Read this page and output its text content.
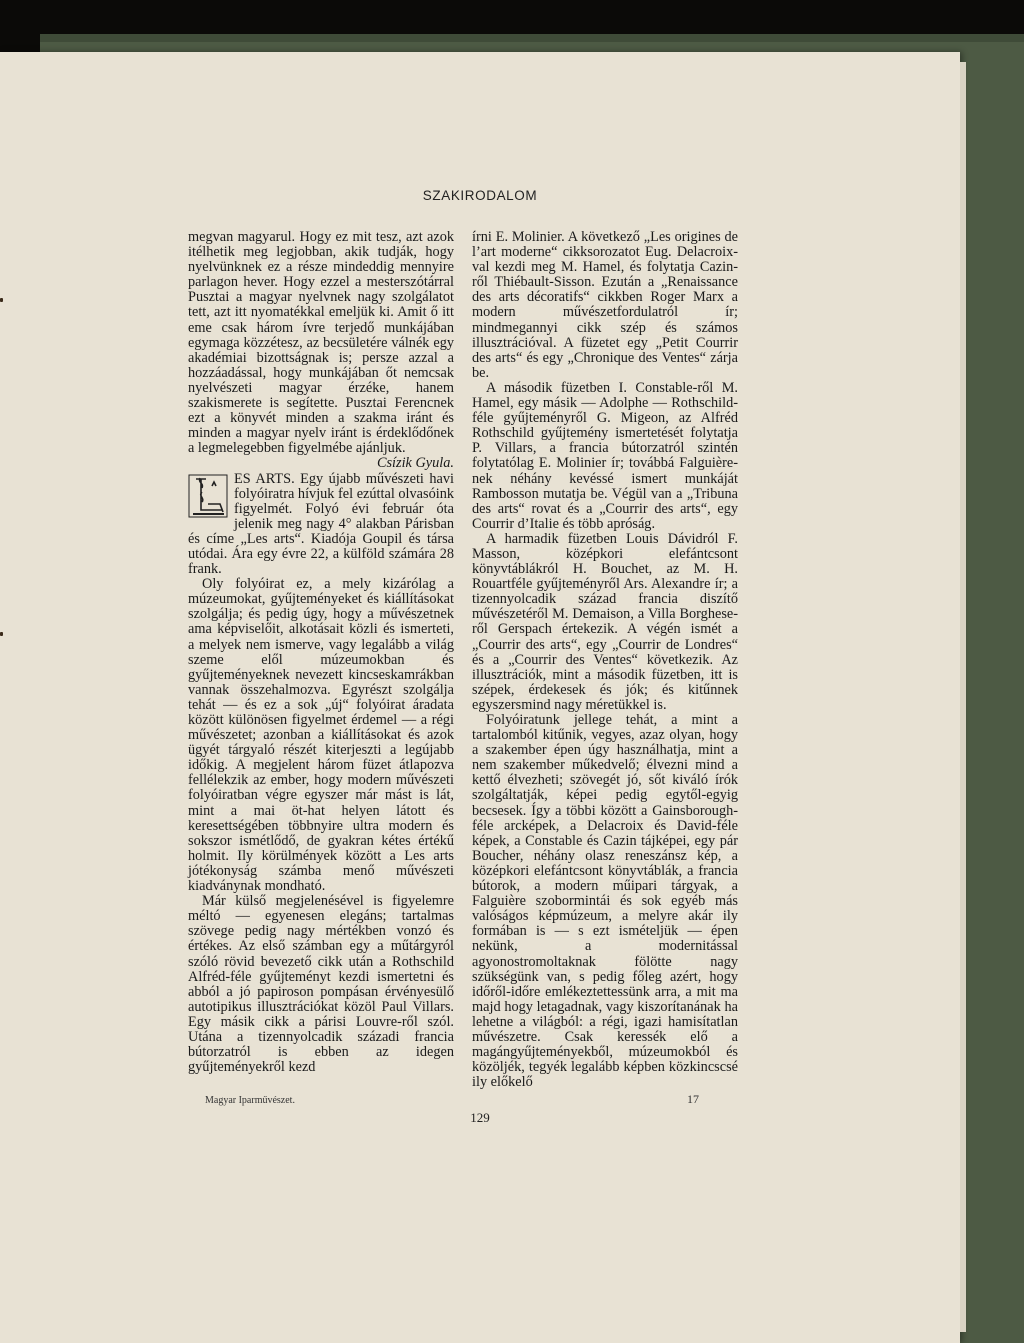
SZAKIRODALOM

megvan magyarul. Hogy ez mit tesz, azt azok itélhetik meg legjobban, akik tudják, hogy nyelvünknek ez a része mindeddig mennyire parlagon hever. Hogy ezzel a mesterszótárral Pusztai a magyar nyelvnek nagy szolgálatot tett, azt itt nyomatékkal emeljük ki. Amit ő itt eme csak három ívre terjedő munkájában egymaga közzétesz, az becsületére válnék egy akadémiai bizottságnak is; persze azzal a hozzáadással, hogy munkájában őt nemcsak nyelvészeti magyar érzéke, hanem szakismerete is segítette. Pusztai Ferencnek ezt a könyvét minden a szakma iránt és minden a magyar nyelv iránt is érdeklődőnek a legmelegebben figyelmébe ajánljuk.

Csízik Gyula.

ES ARTS. Egy újabb művészeti havi folyóiratra hívjuk fel ezúttal olvasóink figyelmét. Folyó évi február óta jelenik meg nagy 4° alakban Párisban és címe „Les arts“. Kiadója Goupil és társa utódai. Ára egy évre 22, a külföld számára 28 frank.

Oly folyóirat ez, a mely kizárólag a múzeumokat, gyűjteményeket és kiállításokat szolgálja; és pedig úgy, hogy a művészetnek ama képviselőit, alkotásait közli és ismerteti, a melyek nem ismerve, vagy legalább a világ szeme elől múzeumokban és gyűjteményeknek nevezett kincseskamrákban vannak összehalmozva. Egyrészt szolgálja tehát — és ez a sok „új“ folyóirat áradata között különösen figyelmet érdemel — a régi művészetet; azonban a kiállításokat és azok ügyét tárgyaló részét kiterjeszti a legújabb időkig. A megjelent három füzet átlapozva fellélekzik az ember, hogy modern művészeti folyóiratban végre egyszer már mást is lát, mint a mai öt-hat helyen látott és keresettségében többnyire ultra modern és sokszor ismétlődő, de gyakran kétes értékű holmit. Ily körülmények között a Les arts jótékonyság számba menő művészeti kiadványnak mondható.

Már külső megjelenésével is figyelemre méltó — egyenesen elegáns; tartalmas szövege pedig nagy mértékben vonzó és értékes. Az első számban egy a műtárgyról szóló rövid bevezető cikk után a Rothschild Alfréd-féle gyűjteményt kezdi ismertetni és abból a jó papiroson pompásan érvényesülő autotipikus illusztrációkat közöl Paul Villars. Egy másik cikk a párisi Louvre-ről szól. Utána a tizennyolcadik századi francia bútorzatról is ebben az idegen gyűjteményekről kezd

írni E. Molinier. A következő „Les origines de l’art moderne“ cikksorozatot Eug. Delacroix-val kezdi meg M. Hamel, és folytatja Cazin-ről Thiébault-Sisson. Ezután a „Renaissance des arts décoratifs“ cikkben Roger Marx a modern művészetfordulatról ír; mindmegannyi cikk szép és számos illusztrációval. A füzetet egy „Petit Courrir des arts“ és egy „Chronique des Ventes“ zárja be.

A második füzetben I. Constable-ről M. Hamel, egy másik — Adolphe — Rothschild-féle gyűjteményről G. Migeon, az Alfréd Rothschild gyűjtemény ismertetését folytatja P. Villars, a francia bútorzatról szintén folytatólag E. Molinier ír; továbbá Falguière-nek néhány kevéssé ismert munkáját Rambosson mutatja be. Végül van a „Tribuna des arts“ rovat és a „Courrir des arts“, egy Courrir d’Italie és több apróság.

A harmadik füzetben Louis Dávidról F. Masson, középkori elefántcsont könyvtáblákról H. Bouchet, az M. H. Rouartféle gyűjteményről Ars. Alexandre ír; a tizennyolcadik század francia diszítő művészetéről M. Demaison, a Villa Borghese-ről Gerspach értekezik. A végén ismét a „Courrir des arts“, egy „Courrir de Londres“ és a „Courrir des Ventes“ következik. Az illusztrációk, mint a második füzetben, itt is szépek, érdekesek és jók; és kitűnnek egyszersmind nagy méretükkel is.

Folyóiratunk jellege tehát, a mint a tartalomból kitűnik, vegyes, azaz olyan, hogy a szakember épen úgy használhatja, mint a nem szakember műkedvelő; élvezni mind a kettő élvezheti; szövegét jó, sőt kiváló írók szolgáltatják, képei pedig egytől-egyig becsesek. Így a többi között a Gainsborough-féle arcképek, a Delacroix és David-féle képek, a Constable és Cazin tájképei, egy pár Boucher, néhány olasz reneszánsz kép, a középkori elefántcsont könyvtáblák, a francia bútorok, a modern műipari tárgyak, a Falguière szobormintái és sok egyéb más valóságos képmúzeum, a melyre akár ily formában is — s ezt ismételjük — épen nekünk, a modernitással agyonostromoltaknak fölötte nagy szükségünk van, s pedig főleg azért, hogy időről-időre emlékeztettessünk arra, a mit ma majd hogy letagadnak, vagy kiszorítanának ha lehetne a világból: a régi, igazi hamisítatlan művészetre. Csak keressék elő a magángyűjteményekből, múzeumokból és közöljék, tegyék legalább képben közkincscsé ily előkelő

Magyar Iparművészet.	17
129
